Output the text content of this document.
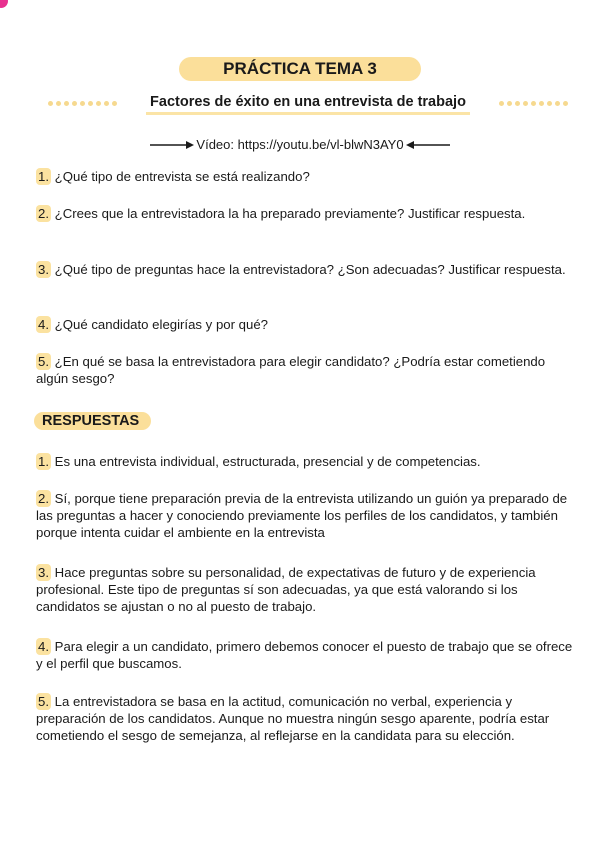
PRÁCTICA TEMA 3
Factores de éxito en una entrevista de trabajo
Vídeo: https://youtu.be/vl-blwN3AY0

1. ¿Qué tipo de entrevista se está realizando?

2. ¿Crees que la entrevistadora la ha preparado previamente? Justificar respuesta.

3. ¿Qué tipo de preguntas hace la entrevistadora? ¿Son adecuadas? Justificar respuesta.

4. ¿Qué candidato elegirías y por qué?

5. ¿En qué se basa la entrevistadora para elegir candidato? ¿Podría estar cometiendo algún sesgo?

RESPUESTAS

1. Es una entrevista individual, estructurada, presencial y de competencias.

2. Sí, porque tiene preparación previa de la entrevista utilizando un guión ya preparado de las preguntas a hacer y conociendo previamente los perfiles de los candidatos, y también porque intenta cuidar el ambiente en la entrevista

3. Hace preguntas sobre su personalidad, de expectativas de futuro y de experiencia profesional. Este tipo de preguntas sí son adecuadas, ya que está valorando si los candidatos se ajustan o no al puesto de trabajo.

4. Para elegir a un candidato, primero debemos conocer el puesto de trabajo que se ofrece y el perfil que buscamos.

5. La entrevistadora se basa en la actitud, comunicación no verbal, experiencia y preparación de los candidatos. Aunque no muestra ningún sesgo aparente, podría estar cometiendo el sesgo de semejanza, al reflejarse en la candidata para su elección.
